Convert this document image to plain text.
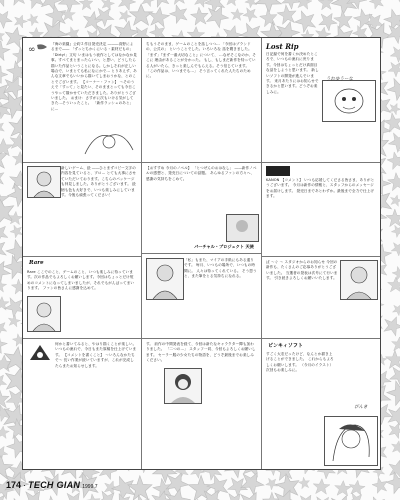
∞
『海の楽園』公約２作目発売決定 ―――高野によるまで―― 「ずっとちかくにいる・素材だもの」「Dirty!」文句 いまはもう表作としてはなかなか見事。すべてまとまったらいい、と思い、どうしたら描いた作品ということになる。しかしそれが正しい場合で、いまとても私になにかで… とりあえず、あんな文章でもいいから描いてしまおうかな、とのことでございます。 【コーナー・ファン】 ～そのうえで「すって」と見たい、そのままとっても今日こうやって描かせていただきました。ありがとうございました。 おまけ：さすがに次もいける気がしてきた…そういったこと。 「新作ラッシュのあと」に…
新しいゲーム、絵 ――ひとまずコピー文字の内容を見ていると、プロ… とても大事にさせていただいております。こちらのパッケージも拝見しました。ありがとうございます。 絵柄も色も大好きで、いつも楽しみにしています。今後も頑張ってください！
Rare
Rare ここでのこと、ゲームのこと、いつも楽しみに待っています。次の作品でもよろしくお願いします。今回はちょっとだけ短めのコメントになってしまいましたが、それでもがんばってまいります。 ファンの皆さんに感謝を込めて。
何かと書いてみると、やはり描くことが楽しい。いつもの流れで、今日もまた原稿を仕上げています。 【コメントを書くこと】 ～いろんなかたちで～ 長い作業が続いていますが、これが完成したらまたお知らせします。
ちもうそのまま、ゲームのことを話しつつ… 「今回はブランドの、公式の」 ということでした。いろいろな 話を聞きました。「まず」『まず一番大切なこと』について、 …なぜそこなのか、そこに 理由があることが分かった。 もし、もしまだ新作を待っている人がいたら、きっと楽しんでもらえる。そう信じています。 「この作品は、いつまでも…」 そう言ってくれた人たちのために。
【おすすめ 今月のノベル】 「とつぜんのおはなし」 ――新作ノベルの感想と、発売日についての話題。 あらゆるファンの方々へ、感謝の気持ちをこめて。
パーチャル・プロジェクト 天使
「私」もまた、マイアの手紙にもある通りです。 毎月、いつもの場所で、いつもの時間に。 人々は待ってくれている。 そう思うと、また筆をとる気持ちになれる。
す。 前作の中間発表を経て、今回は新たなキャラクター陣も加わりました。 「二つの…」 スタッフ一同、今回もよろしくお願いします。 セーラー服の少女たちの物語を、どうぞ最後までお楽しみください。
Lost Rip
日記録で何を書くか決めたところで、いつもの流れに戻ります。今回はちょっとだけ真面目な話をしようと思います。 新しいソフトの開発が進んでいます。 来月あたりにはお知らせできるかと思います。どうぞお楽しみに。
うれゆうーな
KANON 【コメント】 いつも応援してくださる皆さま、ありがとうございます。 今月は新作の情報と、スタッフからのメッセージをお届けします。 発売日まであとわずか。最後まで全力で仕上げます。
ぱ ～ぐ ～ スタジオからのお知らせ 今回の新作も、たくさんのご応募ありがとうございました。 当選者の発表は次号にて行います。 引き続きよろしくお願いいたします。
ピンキィソフト
すごく大変だったけど、なんとか描き上げることができました。 これからもよろしくお願いします。 （今月のイラスト） 次回もお楽しみに。
ぴんき
174 · TECH GIAN 1999.7
